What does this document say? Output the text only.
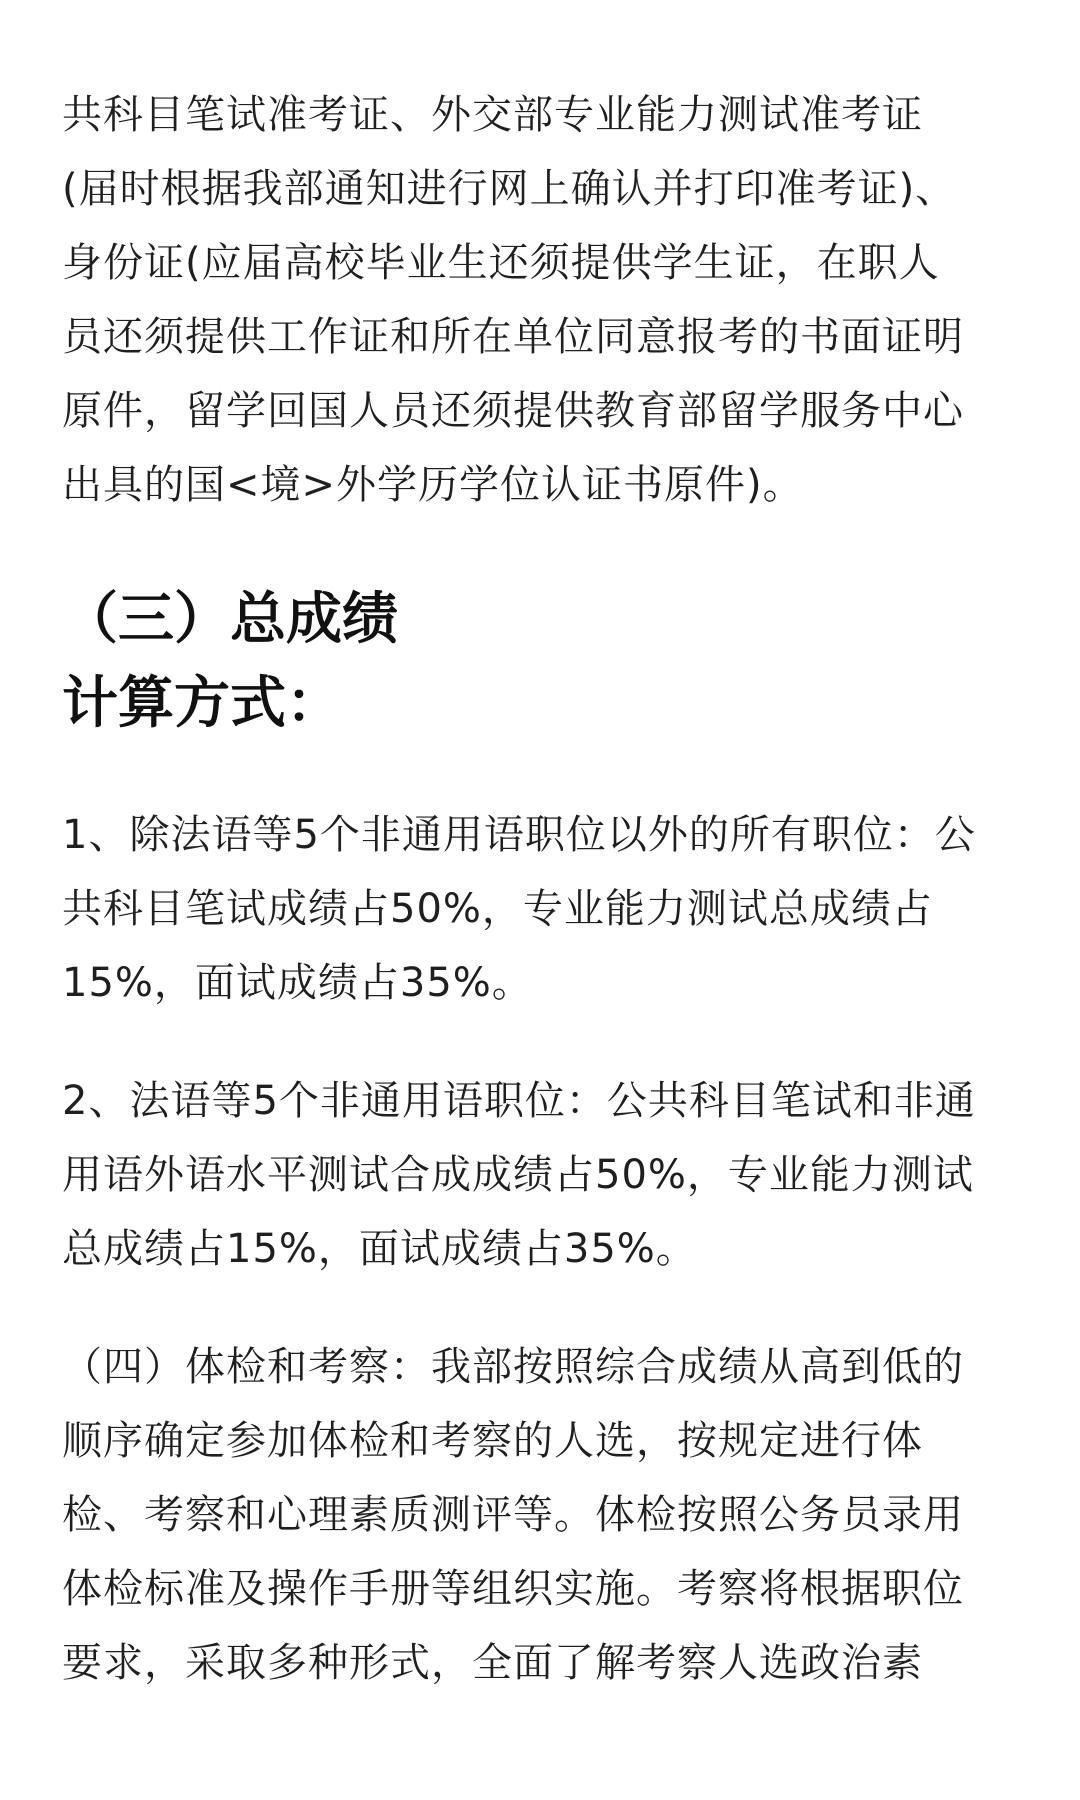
共科目笔试准考证、外交部专业能力测试准考证
(届时根据我部通知进行网上确认并打印准考证)、
身份证(应届高校毕业生还须提供学生证，在职人
员还须提供工作证和所在单位同意报考的书面证明
原件，留学回国人员还须提供教育部留学服务中心
出具的国<境>外学历学位认证书原件)。

（三）总成绩
计算方式：

1、除法语等5个非通用语职位以外的所有职位：公
共科目笔试成绩占50%，专业能力测试总成绩占
15%，面试成绩占35%。

2、法语等5个非通用语职位：公共科目笔试和非通
用语外语水平测试合成成绩占50%，专业能力测试
总成绩占15%，面试成绩占35%。

（四）体检和考察：我部按照综合成绩从高到低的
顺序确定参加体检和考察的人选，按规定进行体
检、考察和心理素质测评等。体检按照公务员录用
体检标准及操作手册等组织实施。考察将根据职位
要求，采取多种形式，全面了解考察人选政治素
